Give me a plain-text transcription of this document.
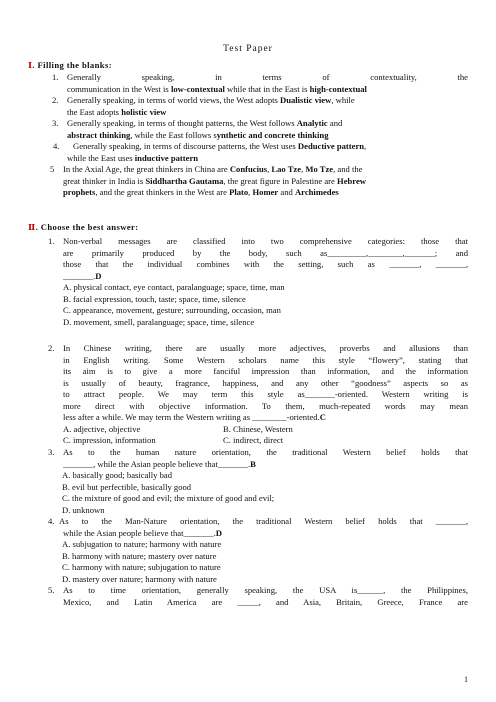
Test Paper
Ⅰ. Filling the blanks:
1. Generally speaking, in terms of contextuality, the
communication in the West is low-contextual while that in the East is high-contextual
2. Generally speaking, in terms of world views, the West adopts Dualistic view, while
the East adopts holistic view
3. Generally speaking, in terms of thought patterns, the West follows Analytic and
abstract thinking, while the East follows synthetic and concrete thinking
4.	Generally speaking, in terms of discourse patterns, the West uses Deductive pattern,
while the East uses inductive pattern
5	In the Axial Age, the great thinkers in China are Confucius, Lao Tze, Mo Tze, and the
great thinker in India is Siddhartha Gautama, the great figure in Palestine are Hebrew
prophets, and the great thinkers in the West are Plato, Homer and Archimedes
Ⅱ. Choose the best answer:
1. Non-verbal messages are classified into two comprehensive categories: those that
are primarily produced by the body, such as_________,________,_______; and
those that the individual combines with the setting, such as _______, _______,
_______.D
A. physical contact, eye contact, paralanguage; space, time, man
B. facial expression, touch, taste; space, time, silence
C. appearance, movement, gesture; surrounding, occasion, man
D. movement, smell, paralanguage; space, time, silence
2. In Chinese writing, there are usually more adjectives, proverbs and allusions than
in English writing. Some Western scholars name this style “flowery”, stating that
its aim is to give a more fanciful impression than information, and the information
is usually of beauty, fragrance, happiness, and any other “goodness” aspects so as
to attract people. We may term this style as_______-oriented. Western writing is
more direct with objective information. To them, much-repeated words may mean
less after a while. We may term the Western writing as ________-oriented.C
A. adjective, objective	B. Chinese, Western
C. impression, information	C. indirect, direct
3. As to the human nature orientation, the traditional Western belief holds that
_______, while the Asian people believe that_______.B
A. basically good; basically bad
B. evil but perfectible, basically good
C. the mixture of good and evil; the mixture of good and evil;
D. unknown
4. As to the Man-Nature orientation, the traditional Western belief holds that _______,
while the Asian people believe that_______.D
A. subjugation to nature; harmony with nature
B. harmony with nature; mastery over nature
C. harmony with nature; subjugation to nature
D. mastery over nature; harmony with nature
5. As to time orientation, generally speaking, the USA is______, the Philippines,
Mexico, and Latin America are _____, and Asia, Britain, Greece, France are
1
